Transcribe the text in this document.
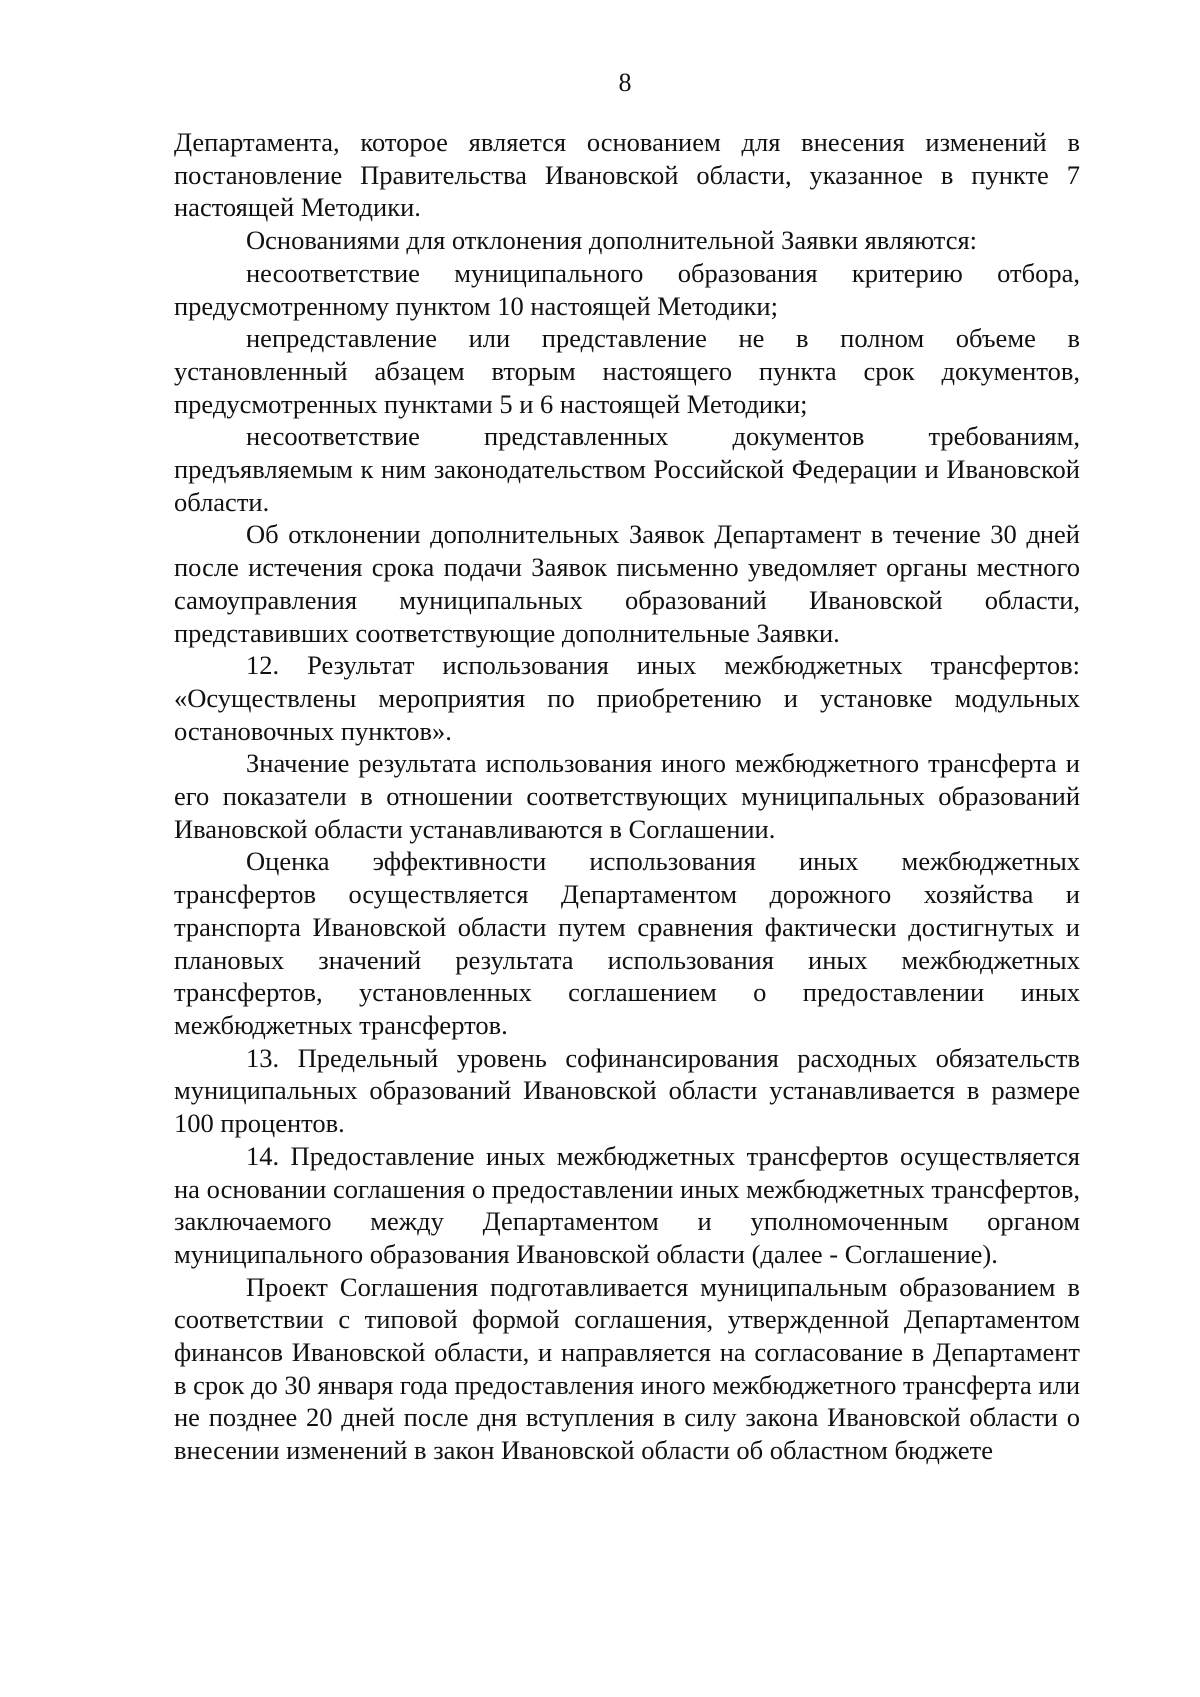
8

Департамента, которое является основанием для внесения изменений в постановление Правительства Ивановской области, указанное в пункте 7 настоящей Методики.

Основаниями для отклонения дополнительной Заявки являются:

несоответствие муниципального образования критерию отбора, предусмотренному пунктом 10 настоящей Методики;

непредставление или представление не в полном объеме в установленный абзацем вторым настоящего пункта срок документов, предусмотренных пунктами 5 и 6 настоящей Методики;

несоответствие представленных документов требованиям, предъявляемым к ним законодательством Российской Федерации и Ивановской области.

Об отклонении дополнительных Заявок Департамент в течение 30 дней после истечения срока подачи Заявок письменно уведомляет органы местного самоуправления муниципальных образований Ивановской области, представивших соответствующие дополнительные Заявки.

12. Результат использования иных межбюджетных трансфертов: «Осуществлены мероприятия по приобретению и установке модульных остановочных пунктов».

Значение результата использования иного межбюджетного трансферта и его показатели в отношении соответствующих муниципальных образований Ивановской области устанавливаются в Соглашении.

Оценка эффективности использования иных межбюджетных трансфертов осуществляется Департаментом дорожного хозяйства и транспорта Ивановской области путем сравнения фактически достигнутых и плановых значений результата использования иных межбюджетных трансфертов, установленных соглашением о предоставлении иных межбюджетных трансфертов.

13. Предельный уровень софинансирования расходных обязательств муниципальных образований Ивановской области устанавливается в размере 100 процентов.

14. Предоставление иных межбюджетных трансфертов осуществляется на основании соглашения о предоставлении иных межбюджетных трансфертов, заключаемого между Департаментом и уполномоченным органом муниципального образования Ивановской области (далее - Соглашение).

Проект Соглашения подготавливается муниципальным образованием в соответствии с типовой формой соглашения, утвержденной Департаментом финансов Ивановской области, и направляется на согласование в Департамент в срок до 30 января года предоставления иного межбюджетного трансферта или не позднее 20 дней после дня вступления в силу закона Ивановской области о внесении изменений в закон Ивановской области об областном бюджете
